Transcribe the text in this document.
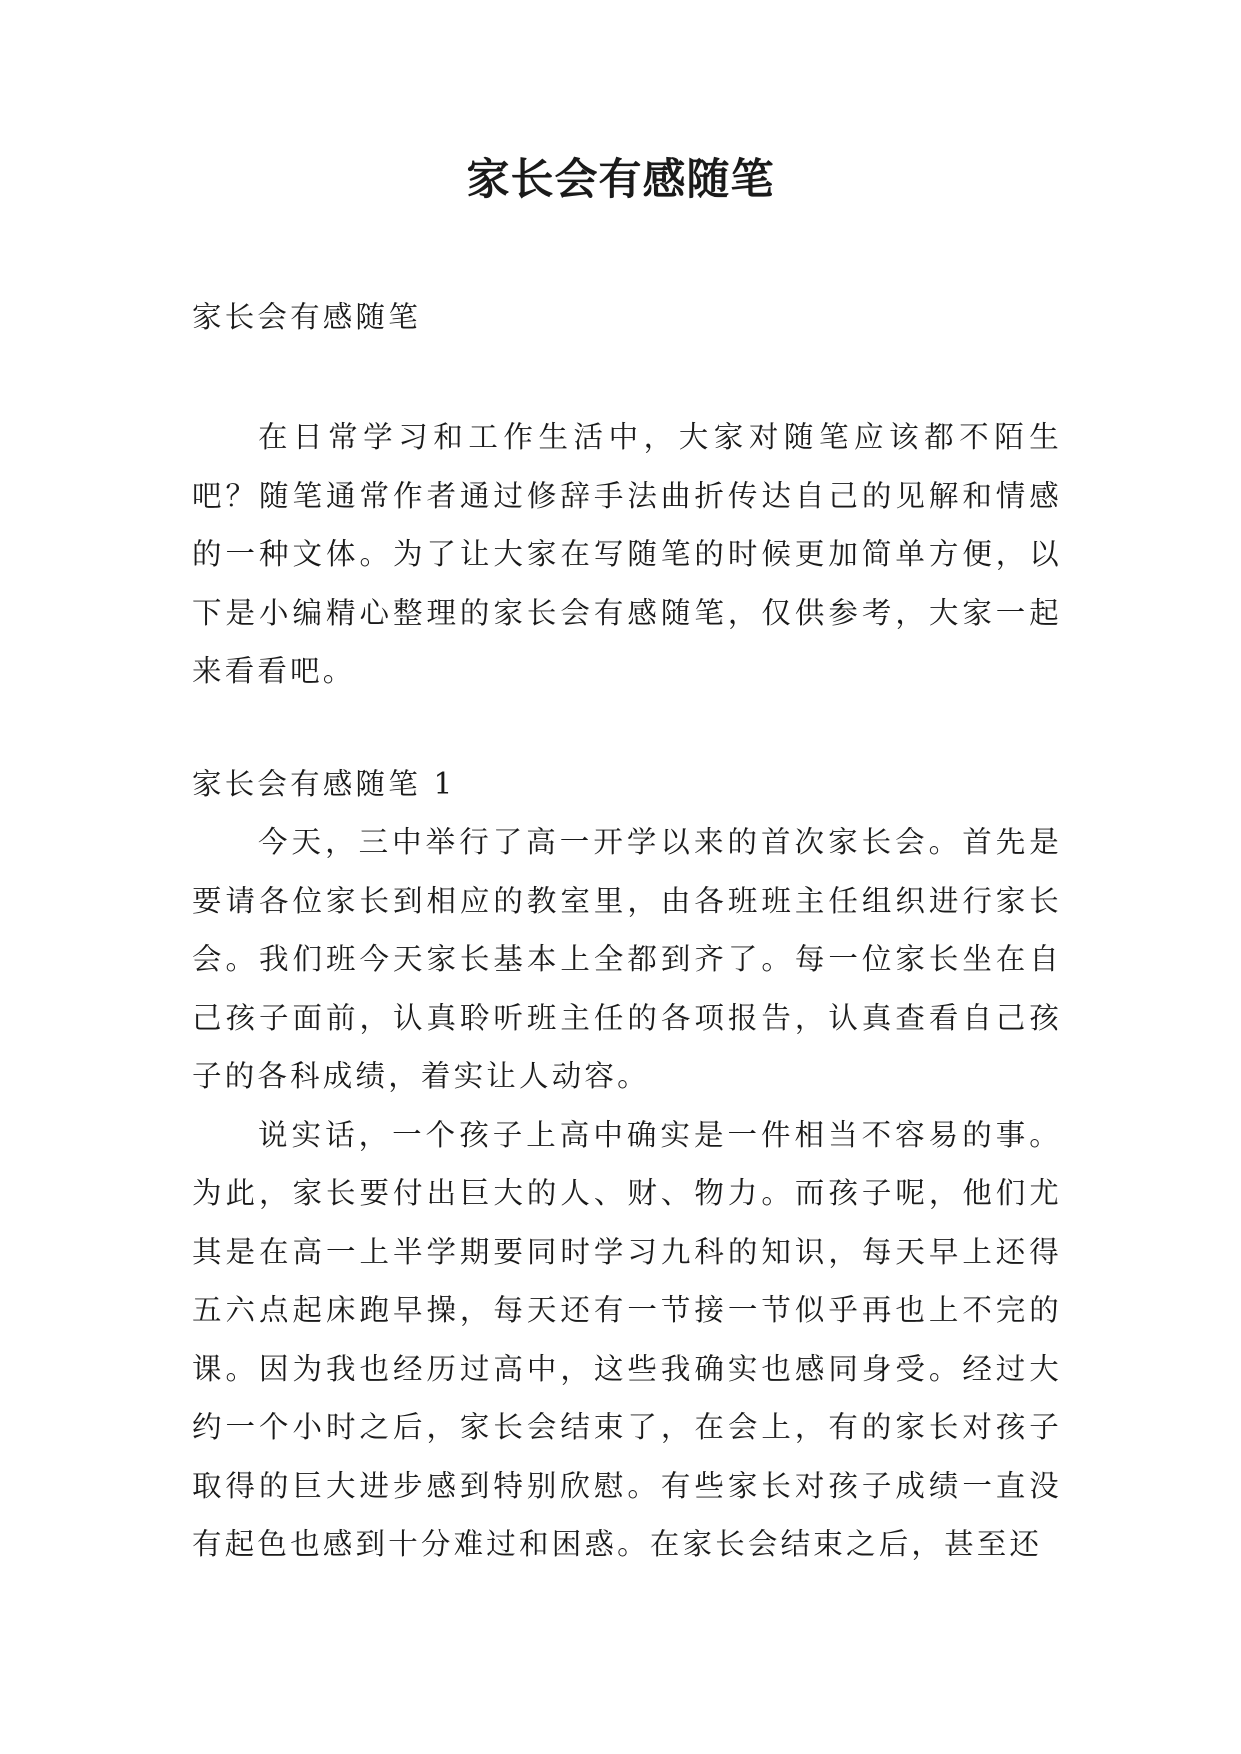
家长会有感随笔
家长会有感随笔

在日常学习和工作生活中，大家对随笔应该都不陌生吧？随笔通常作者通过修辞手法曲折传达自己的见解和情感的一种文体。为了让大家在写随笔的时候更加简单方便，以下是小编精心整理的家长会有感随笔，仅供参考，大家一起来看看吧。

家长会有感随笔 1

今天，三中举行了高一开学以来的首次家长会。首先是要请各位家长到相应的教室里，由各班班主任组织进行家长会。我们班今天家长基本上全都到齐了。每一位家长坐在自己孩子面前，认真聆听班主任的各项报告，认真查看自己孩子的各科成绩，着实让人动容。

说实话，一个孩子上高中确实是一件相当不容易的事。为此，家长要付出巨大的人、财、物力。而孩子呢，他们尤其是在高一上半学期要同时学习九科的知识，每天早上还得五六点起床跑早操，每天还有一节接一节似乎再也上不完的课。因为我也经历过高中，这些我确实也感同身受。经过大约一个小时之后，家长会结束了，在会上，有的家长对孩子取得的巨大进步感到特别欣慰。有些家长对孩子成绩一直没有起色也感到十分难过和困惑。在家长会结束之后，甚至还
